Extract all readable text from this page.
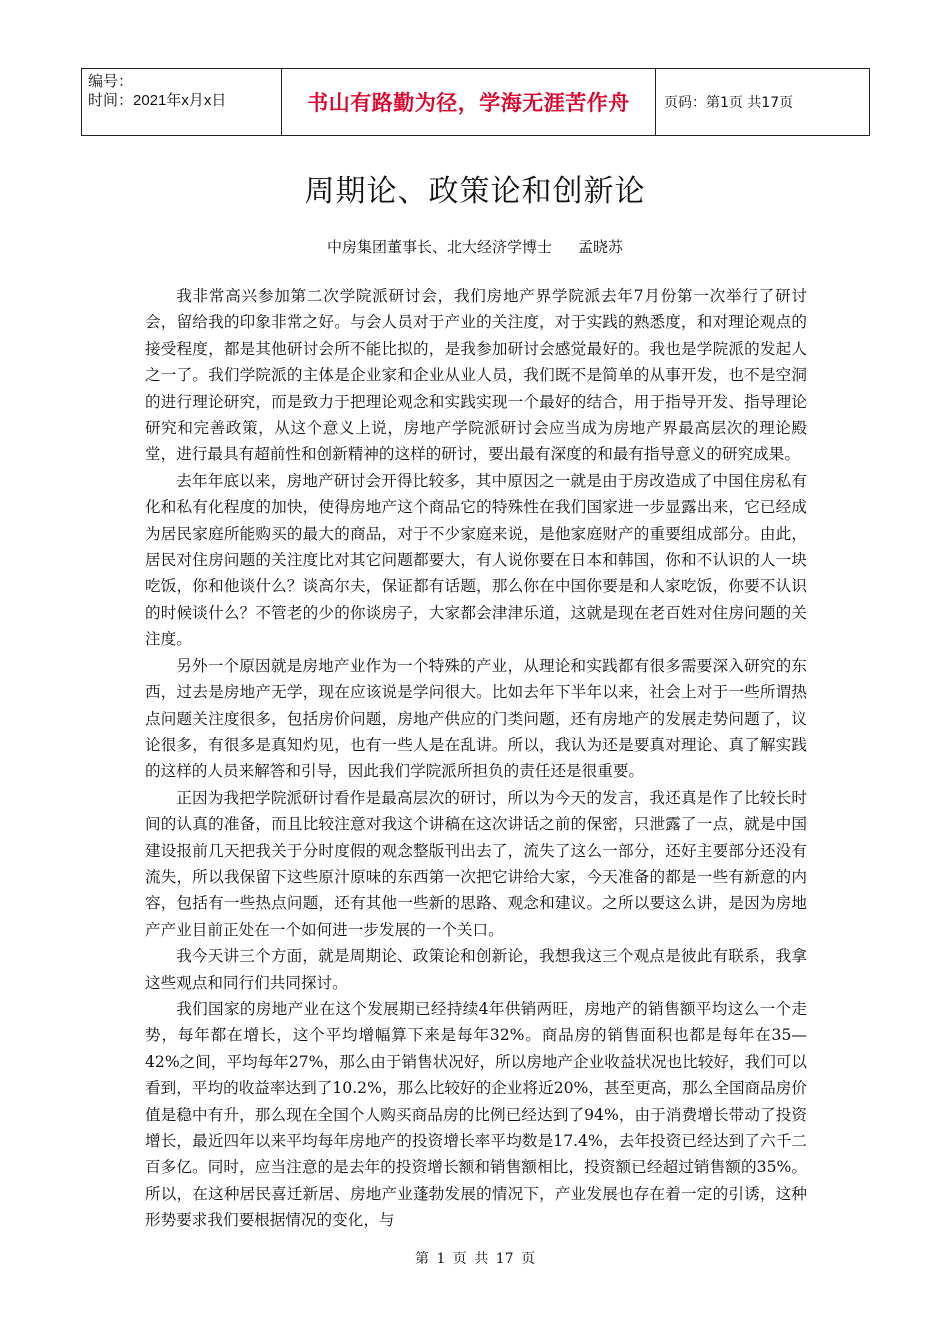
编号：
时间：2021年x月x日	书山有路勤为径，学海无涯苦作舟	页码：第1页 共17页
周期论、政策论和创新论
中房集团董事长、北大经济学博士 孟晓苏

我非常高兴参加第二次学院派研讨会，我们房地产界学院派去年7月份第一次举行了研讨会，留给我的印象非常之好。与会人员对于产业的关注度，对于实践的熟悉度，和对理论观点的接受程度，都是其他研讨会所不能比拟的，是我参加研讨会感觉最好的。我也是学院派的发起人之一了。我们学院派的主体是企业家和企业从业人员，我们既不是简单的从事开发，也不是空洞的进行理论研究，而是致力于把理论观念和实践实现一个最好的结合，用于指导开发、指导理论研究和完善政策，从这个意义上说，房地产学院派研讨会应当成为房地产界最高层次的理论殿堂，进行最具有超前性和创新精神的这样的研讨，要出最有深度的和最有指导意义的研究成果。

去年年底以来，房地产研讨会开得比较多，其中原因之一就是由于房改造成了中国住房私有化和私有化程度的加快，使得房地产这个商品它的特殊性在我们国家进一步显露出来，它已经成为居民家庭所能购买的最大的商品，对于不少家庭来说，是他家庭财产的重要组成部分。由此，居民对住房问题的关注度比对其它问题都要大，有人说你要在日本和韩国，你和不认识的人一块吃饭，你和他谈什么？谈高尔夫，保证都有话题，那么你在中国你要是和人家吃饭，你要不认识的时候谈什么？不管老的少的你谈房子，大家都会津津乐道，这就是现在老百姓对住房问题的关注度。

另外一个原因就是房地产业作为一个特殊的产业，从理论和实践都有很多需要深入研究的东西，过去是房地产无学，现在应该说是学问很大。比如去年下半年以来，社会上对于一些所谓热点问题关注度很多，包括房价问题，房地产供应的门类问题，还有房地产的发展走势问题了，议论很多，有很多是真知灼见，也有一些人是在乱讲。所以，我认为还是要真对理论、真了解实践的这样的人员来解答和引导，因此我们学院派所担负的责任还是很重要。

正因为我把学院派研讨看作是最高层次的研讨，所以为今天的发言，我还真是作了比较长时间的认真的准备，而且比较注意对我这个讲稿在这次讲话之前的保密，只泄露了一点，就是中国建设报前几天把我关于分时度假的观念整版刊出去了，流失了这么一部分，还好主要部分还没有流失，所以我保留下这些原汁原味的东西第一次把它讲给大家，今天准备的都是一些有新意的内容，包括有一些热点问题，还有其他一些新的思路、观念和建议。之所以要这么讲，是因为房地产产业目前正处在一个如何进一步发展的一个关口。

我今天讲三个方面，就是周期论、政策论和创新论，我想我这三个观点是彼此有联系，我拿这些观点和同行们共同探讨。

我们国家的房地产业在这个发展期已经持续4年供销两旺，房地产的销售额平均这么一个走势，每年都在增长，这个平均增幅算下来是每年32%。商品房的销售面积也都是每年在35—42%之间，平均每年27%，那么由于销售状况好，所以房地产企业收益状况也比较好，我们可以看到，平均的收益率达到了10.2%，那么比较好的企业将近20%，甚至更高，那么全国商品房价值是稳中有升，那么现在全国个人购买商品房的比例已经达到了94%，由于消费增长带动了投资增长，最近四年以来平均每年房地产的投资增长率平均数是17.4%，去年投资已经达到了六千二百多亿。同时，应当注意的是去年的投资增长额和销售额相比，投资额已经超过销售额的35%。所以，在这种居民喜迁新居、房地产业蓬勃发展的情况下，产业发展也存在着一定的引诱，这种形势要求我们要根据情况的变化，与

第 1 页 共 17 页
